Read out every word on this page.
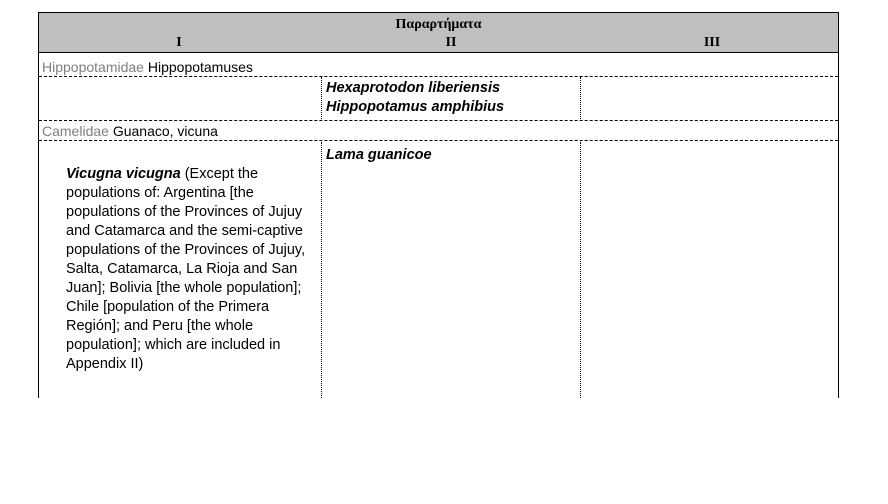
Παραρτήματα
I	II	III
Hippopotamidae Hippopotamuses
Hexaprotodon liberiensis
Hippopotamus amphibius
Camelidae Guanaco, vicuna
Vicugna vicugna (Except the populations of: Argentina [the populations of the Provinces of Jujuy and Catamarca and the semi-captive populations of the Provinces of Jujuy, Salta, Catamarca, La Rioja and San Juan]; Bolivia [the whole population]; Chile [population of the Primera Región]; and Peru [the whole population]; which are included in Appendix II)
Lama guanicoe
